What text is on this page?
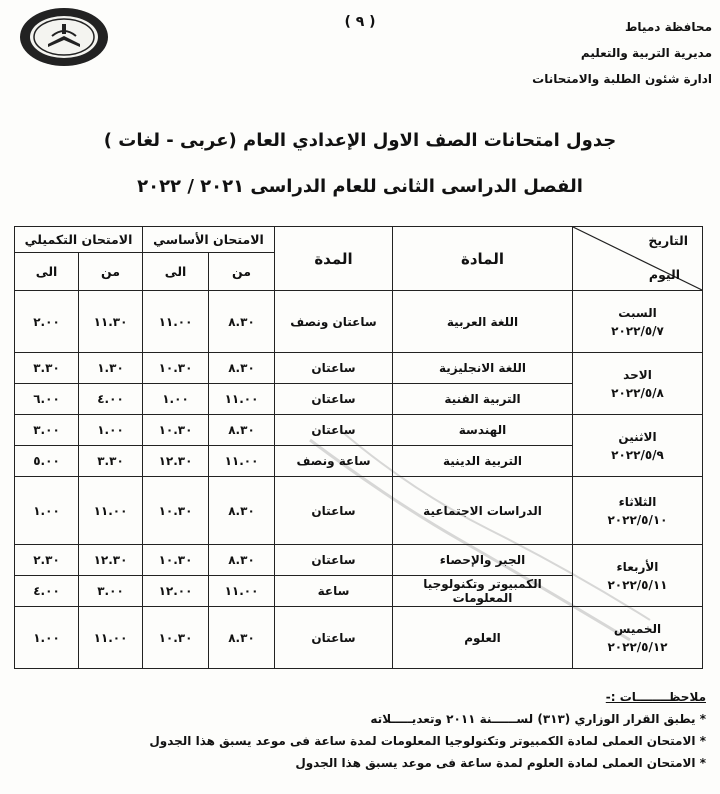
( ٩ )	محافظة دمياط
مديرية التربية والتعليم
ادارة شئون الطلبة والامتحانات
جدول امتحانات الصف الاول الإعدادي العام (عربى - لغات )
الفصل الدراسى الثانى للعام الدراسى ٢٠٢١ / ٢٠٢٢
التاريخ
اليوم	المادة	المدة	الامتحان الأساسي		الامتحان التكميلي	
			من	الى	من	الى

السبت
٢٠٢٢/٥/٧	اللغة العربية	ساعتان ونصف	٨.٣٠	١١.٠٠	١١.٣٠	٢.٠٠

الاحد
٢٠٢٢/٥/٨	اللغة الانجليزية	ساعتان	٨.٣٠	١٠.٣٠	١.٣٠	٣.٣٠
	التربية الفنية	ساعتان	١١.٠٠	١.٠٠	٤.٠٠	٦.٠٠

الاثنين
٢٠٢٢/٥/٩	الهندسة	ساعتان	٨.٣٠	١٠.٣٠	١.٠٠	٣.٠٠
	التربية الدينية	ساعة ونصف	١١.٠٠	١٢.٣٠	٣.٣٠	٥.٠٠

الثلاثاء
٢٠٢٢/٥/١٠	الدراسات الاجتماعية	ساعتان	٨.٣٠	١٠.٣٠	١١.٠٠	١.٠٠

الأربعاء
٢٠٢٢/٥/١١	الجبر والإحصاء	ساعتان	٨.٣٠	١٠.٣٠	١٢.٣٠	٢.٣٠
	الكمبيوتر وتكنولوجيا المعلومات	ساعة	١١.٠٠	١٢.٠٠	٣.٠٠	٤.٠٠

الخميس
٢٠٢٢/٥/١٢	العلوم	ساعتان	٨.٣٠	١٠.٣٠	١١.٠٠	١.٠٠
ملاحظــــــــات :-
* يطبق القرار الوزاري (٣١٣) لســــــنة ٢٠١١ وتعديـــــلاته
* الامتحان العملى لمادة الكمبيوتر وتكنولوجيا المعلومات لمدة ساعة فى موعد يسبق هذا الجدول
* الامتحان العملى لمادة العلوم لمدة ساعة فى موعد يسبق هذا الجدول
